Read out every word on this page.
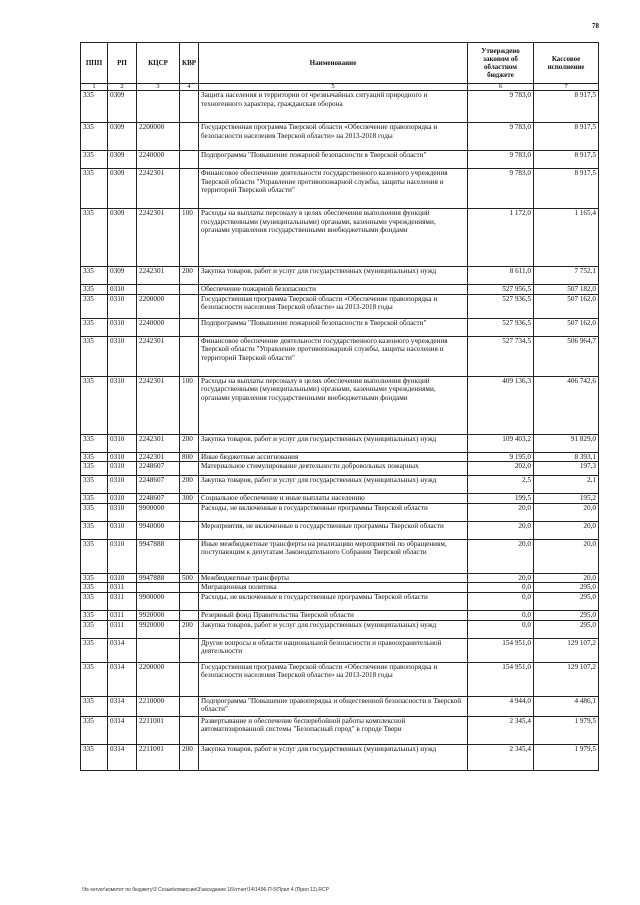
78
ППП	РП	КЦСР	КВР	Наименование	Утверждено законом об областном бюджете	Кассовое исполнение
1	2	3	4	5	6	7
335	0309			Защита населения и территории от чрезвычайных ситуаций природного и техногенного характера, гражданская оборона	9 783,0	8 917,5
335	0309	2200000		Государственная программа Тверской области «Обеспечение правопорядка и безопасности населения Тверской области» на 2013-2018 годы	9 783,0	8 917,5
335	0309	2240000		Подпрограмма "Повышение пожарной безопасности в Тверской области"	9 783,0	8 917,5
335	0309	2242301		Финансовое обеспечение деятельности государственного казенного учреждения Тверской области "Управление противопожарной службы, защиты населения и территорий Тверской области"	9 783,0	8 917,5
335	0309	2242301	100	Расходы на выплаты персоналу в целях обеспечения выполнения функций государственными (муниципальными) органами, казенными учреждениями, органами управления государственными внебюджетными фондами	1 172,0	1 165,4
335	0309	2242301	200	Закупка товаров, работ и услуг для государственных (муниципальных) нужд	8 611,0	7 752,1
335	0310			Обеспечение пожарной безопасности	527 956,5	507 182,0
335	0310	2200000		Государственная программа Тверской области «Обеспечение правопорядка и безопасности населения Тверской области» на 2013-2018 годы	527 936,5	507 162,0
335	0310	2240000		Подпрограмма "Повышение пожарной безопасности в Тверской области"	527 936,5	507 162,0
335	0310	2242301		Финансовое обеспечение деятельности государственного казенного учреждения Тверской области "Управление противопожарной службы, защиты населения и территорий Тверской области"	527 734,5	506 964,7
335	0310	2242301	100	Расходы на выплаты персоналу в целях обеспечения выполнения функций государственными (муниципальными) органами, казенными учреждениями, органами управления государственными внебюджетными фондами	409 136,3	406 742,6
335	0310	2242301	200	Закупка товаров, работ и услуг для государственных (муниципальных) нужд	109 403,2	91 829,0
335	0310	2242301	800	Иные бюджетные ассигнования	9 195,0	8 393,1
335	0310	2248607		Материальное стимулирование деятельности добровольных пожарных	202,0	197,3
335	0310	2248607	200	Закупка товаров, работ и услуг для государственных (муниципальных) нужд	2,5	2,1
335	0310	2248607	300	Социальное обеспечение и иные выплаты населению	199,5	195,2
335	0310	9900000		Расходы, не включенные в государственные программы Тверской области	20,0	20,0
335	0310	9940000		Мероприятия, не включенные в государственные программы Тверской области	20,0	20,0
335	0310	9947888		Иные межбюджетные трансферты на реализацию мероприятий по обращениям, поступающим к депутатам Законодательного Собрания Тверской области	20,0	20,0
335	0310	9947888	500	Межбюджетные трансферты	20,0	20,0
335	0311			Миграционная политика	0,0	295,0
335	0311	9900000		Расходы, не включенные в государственные программы Тверской области	0,0	295,0
335	0311	9920000		Резервный фонд Правительства Тверской области	0,0	295,0
335	0311	9920000	200	Закупка товаров, работ и услуг для государственных (муниципальных) нужд	0,0	295,0
335	0314			Другие вопросы в области национальной безопасности и правоохранительной деятельности	154 951,0	129 107,2
335	0314	2200000		Государственная программа Тверской области «Обеспечение правопорядка и безопасности населения Тверской области» на 2013-2018 годы	154 951,0	129 107,2
335	0314	2210000		Подпрограмма "Повышение правопорядка и общественной безопасности в Тверской области"	4 944,0	4 486,1
335	0314	2211001		Развертывание и обеспечение бесперебойной работы комплексной автоматизированной системы "Безопасный город" в городе Твери	2 345,4	1 979,5
335	0314	2211001	200	Закупка товаров, работ и услуг для государственных (муниципальных) нужд	2 345,4	1 979,5
\\fs-server\комитет по бюджету\3 Созыв\комиссии\3\заседание 16\отчет\14\1496-П-5\Прил 4 (Прил 11).RCP
